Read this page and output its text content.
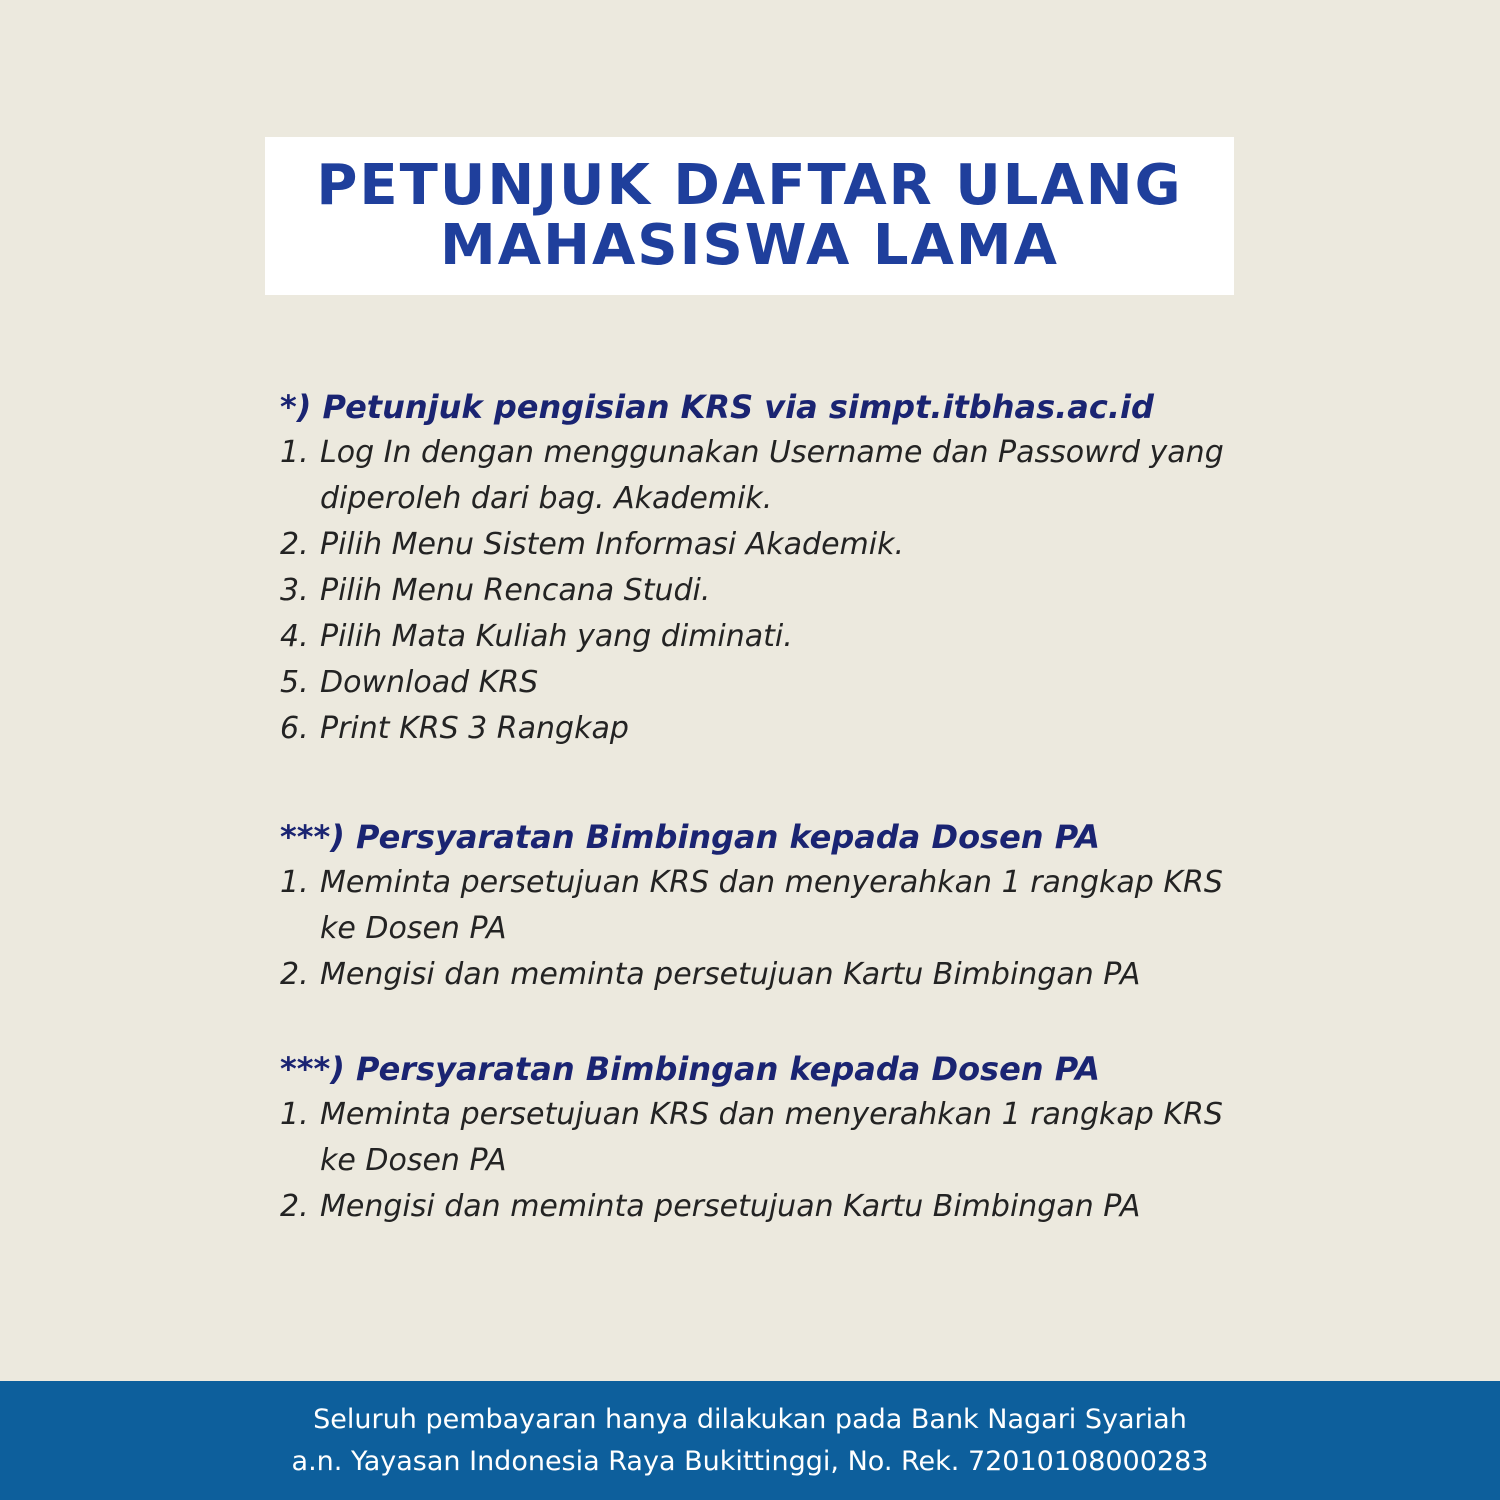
PETUNJUK DAFTAR ULANG
MAHASISWA LAMA
*) Petunjuk pengisian KRS via simpt.itbhas.ac.id
1. Log In dengan menggunakan Username dan Passowrd yang diperoleh dari bag. Akademik.
2. Pilih Menu Sistem Informasi Akademik.
3. Pilih Menu Rencana Studi.
4. Pilih Mata Kuliah yang diminati.
5. Download KRS
6. Print KRS 3 Rangkap
***) Persyaratan Bimbingan kepada Dosen PA
1. Meminta persetujuan KRS dan menyerahkan 1 rangkap KRS ke Dosen PA
2. Mengisi dan meminta persetujuan Kartu Bimbingan PA
***) Persyaratan Bimbingan kepada Dosen PA
1. Meminta persetujuan KRS dan menyerahkan 1 rangkap KRS ke Dosen PA
2. Mengisi dan meminta persetujuan Kartu Bimbingan PA
Seluruh pembayaran hanya dilakukan pada Bank Nagari Syariah
a.n. Yayasan Indonesia Raya Bukittinggi, No. Rek. 72010108000283
